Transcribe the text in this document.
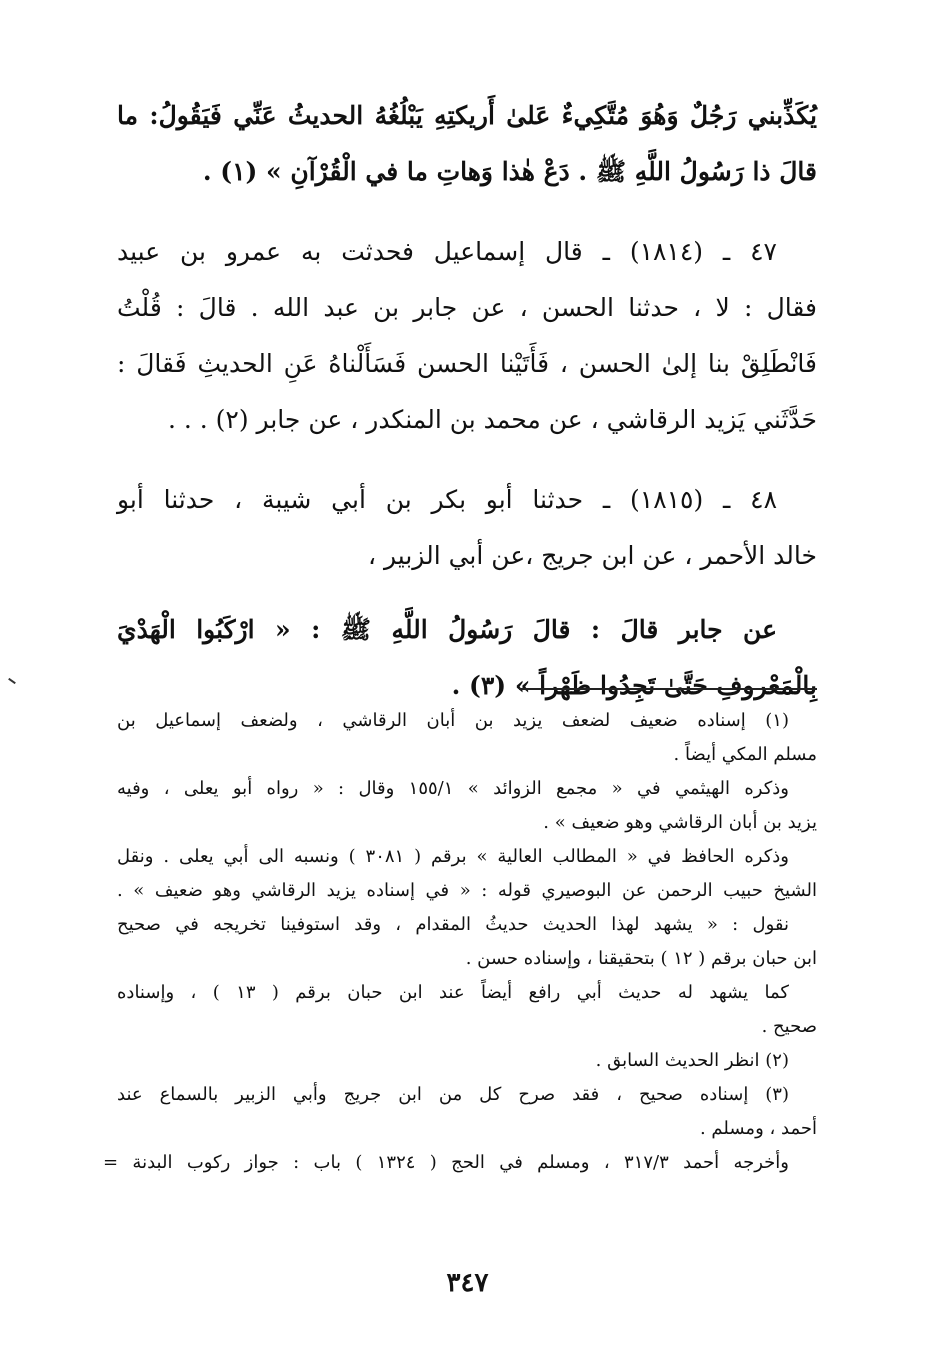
يُكَذِّبني رَجُلٌ وَهُوَ مُتَّكِيءٌ عَلىٰ أَريكتِهِ يَبْلُغُهُ الحديثُ عَنِّي فَيَقُولُ: ما
قالَ ذا رَسُولُ اللَّهِ ﷺ . دَعْ هٰذا وَهاتِ ما في الْقُرْآنِ » (١) .
٤٧ ـ (١٨١٤) ـ قال إسماعيل فحدثت به عمرو بن عبيد
فقال : لا ، حدثنا الحسن ، عن جابر بن عبد الله . قالَ : قُلْتُ
فَانْطَلِقْ بنا إلىٰ الحسن ، فَأَتَيْنا الحسن فَسَأَلْناهُ عَنِ الحديثِ فَقالَ :
حَدَّثَني يَزيد الرقاشي ، عن محمد بن المنكدر ، عن جابر (٢) . . .
٤٨ ـ (١٨١٥) ـ حدثنا أبو بكر بن أبي شيبة ، حدثنا أبو
خالد الأحمر ، عن ابن جريج ،عن أبي الزبير ،
عن جابر قالَ : قالَ رَسُولُ اللَّهِ ﷺ : « ارْكَبُوا الْهَدْيَ
بِالْمَعْروفِ حَتَّىٰ تَجِدُوا ظَهْراً » (٣) .
(١) إسناده ضعيف لضعف يزيد بن أبان الرقاشي ، ولضعف إسماعيل بن
مسلم المكي أيضاً .
وذكره الهيثمي في « مجمع الزوائد » ١٥٥/١ وقال : « رواه أبو يعلى ، وفيه
يزيد بن أبان الرقاشي وهو ضعيف » .
وذكره الحافظ في « المطالب العالية » برقم ( ٣٠٨١ ) ونسبه الى أبي يعلى . ونقل
الشيخ حبيب الرحمن عن البوصيري قوله : « في إسناده يزيد الرقاشي وهو ضعيف » .
نقول : « يشهد لهذا الحديث حديثُ المقدام ، وقد استوفينا تخريجه في صحيح
ابن حبان برقم ( ١٢ ) بتحقيقنا ، وإسناده حسن .
كما يشهد له حديث أبي رافع أيضاً عند ابن حبان برقم ( ١٣ ) ، وإسناده
صحيح .
(٢) انظر الحديث السابق .
(٣) إسناده صحيح ، فقد صرح كل من ابن جريج وأبي الزبير بالسماع عند
أحمد ، ومسلم .
وأخرجه أحمد ٣١٧/٣ ، ومسلم في الحج ( ١٣٢٤ ) باب : جواز ركوب البدنة =
٣٤٧
